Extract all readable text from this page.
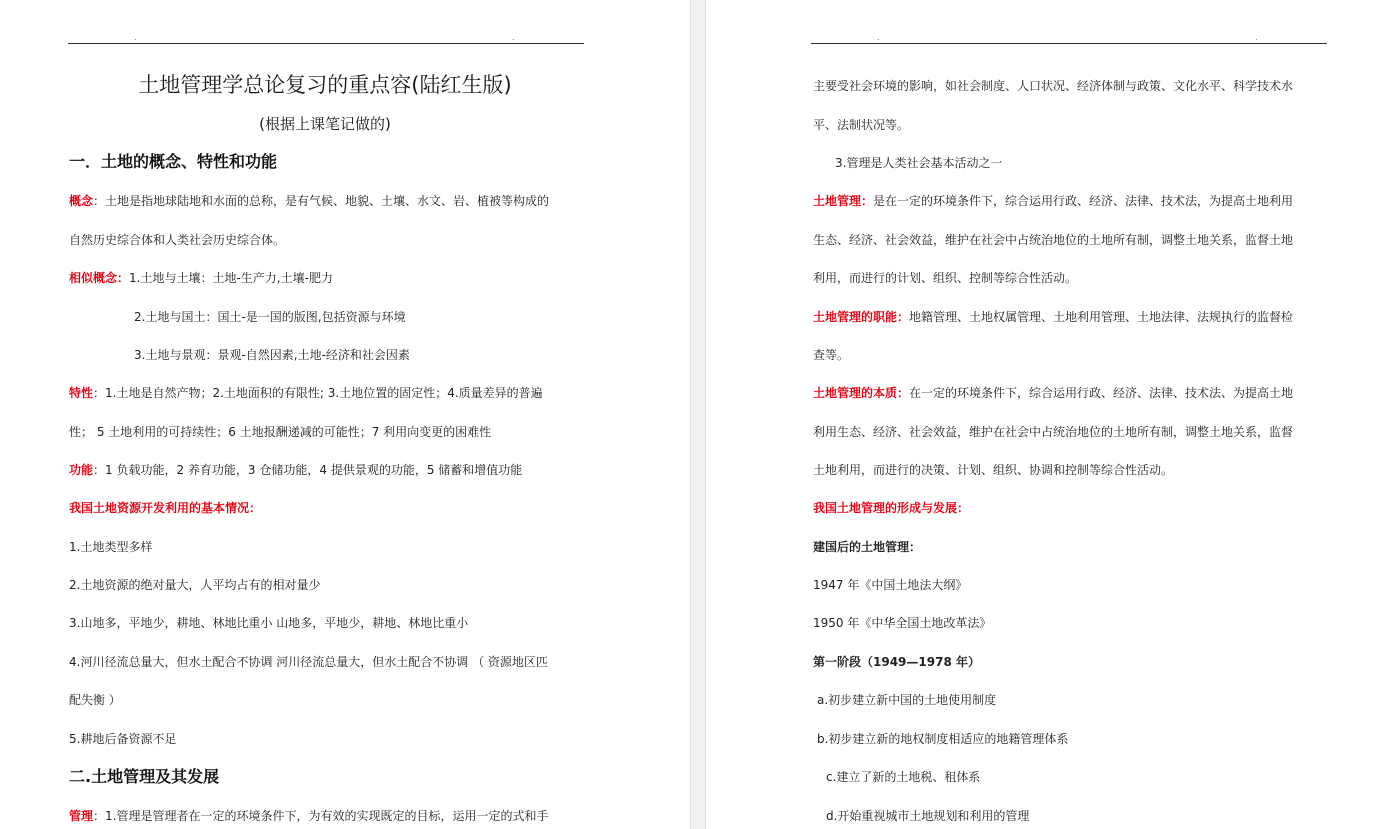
.	.
土地管理学总论复习的重点容(陆红生版)
(根据上课笔记做的)
一．土地的概念、特性和功能
概念：土地是指地球陆地和水面的总称，是有气候、地貌、土壤、水文、岩、植被等构成的
自然历史综合体和人类社会历史综合体。
相似概念：1.土地与土壤：土地-生产力,土壤-肥力
2.土地与国土：国土-是一国的版图,包括资源与环境
3.土地与景观：景观-自然因素,土地-经济和社会因素
特性：1.土地是自然产物；2.土地面积的有限性; 3.土地位置的固定性；4.质量差异的普遍
性； 5 土地利用的可持续性；6 土地报酬递减的可能性；7 利用向变更的困难性
功能：1 负载功能，2 养育功能，3 仓储功能，4 提供景观的功能，5 储蓄和增值功能
我国土地资源开发利用的基本情况：
1.土地类型多样
2.土地资源的绝对量大，人平均占有的相对量少
3.山地多，平地少，耕地、林地比重小 山地多，平地少，耕地、林地比重小
4.河川径流总量大，但水土配合不协调 河川径流总量大，但水土配合不协调 （ 资源地区匹
配失衡 ）
5.耕地后备资源不足
二.土地管理及其发展
管理：1.管理是管理者在一定的环境条件下，为有效的实现既定的目标，运用一定的式和手
.	.
主要受社会环境的影响，如社会制度、人口状况、经济体制与政策、文化水平、科学技术水
平、法制状况等。
3.管理是人类社会基本活动之一
土地管理：是在一定的环境条件下，综合运用行政、经济、法律、技术法，为提高土地利用
生态、经济、社会效益，维护在社会中占统治地位的土地所有制，调整土地关系，监督土地
利用，而进行的计划、组织、控制等综合性活动。
土地管理的职能：地籍管理、土地权属管理、土地利用管理、土地法律、法规执行的监督检
查等。
土地管理的本质：在一定的环境条件下，综合运用行政、经济、法律、技术法、为提高土地
利用生态、经济、社会效益，维护在社会中占统治地位的土地所有制，调整土地关系，监督
土地利用，而进行的决策、计划、组织、协调和控制等综合性活动。
我国土地管理的形成与发展：
建国后的土地管理：
1947 年《中国土地法大纲》
1950 年《中华全国土地改革法》
第一阶段（1949—1978 年）
a.初步建立新中国的土地使用制度
b.初步建立新的地权制度相适应的地籍管理体系
c.建立了新的土地税、租体系
d.开始重视城市土地规划和利用的管理
